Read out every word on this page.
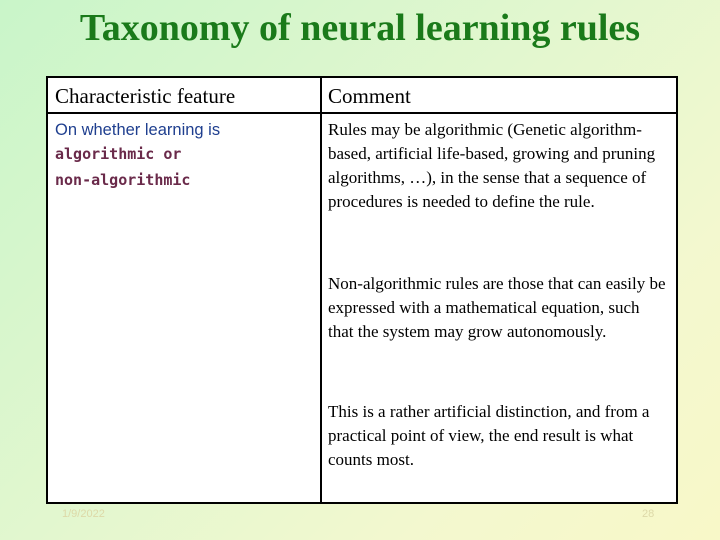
Taxonomy of neural learning rules
Characteristic feature	Comment
On whether learning is
algorithmic or
non-algorithmic
Rules may be algorithmic (Genetic algorithm-based, artificial life-based, growing and pruning algorithms, …), in the sense that a sequence of procedures is needed to define the rule.
Non-algorithmic rules are those that can easily be expressed with a mathematical equation, such that the system may grow autonomously.
This is a rather artificial distinction, and from a practical point of view, the end result is what counts most.
1/9/2022	28
